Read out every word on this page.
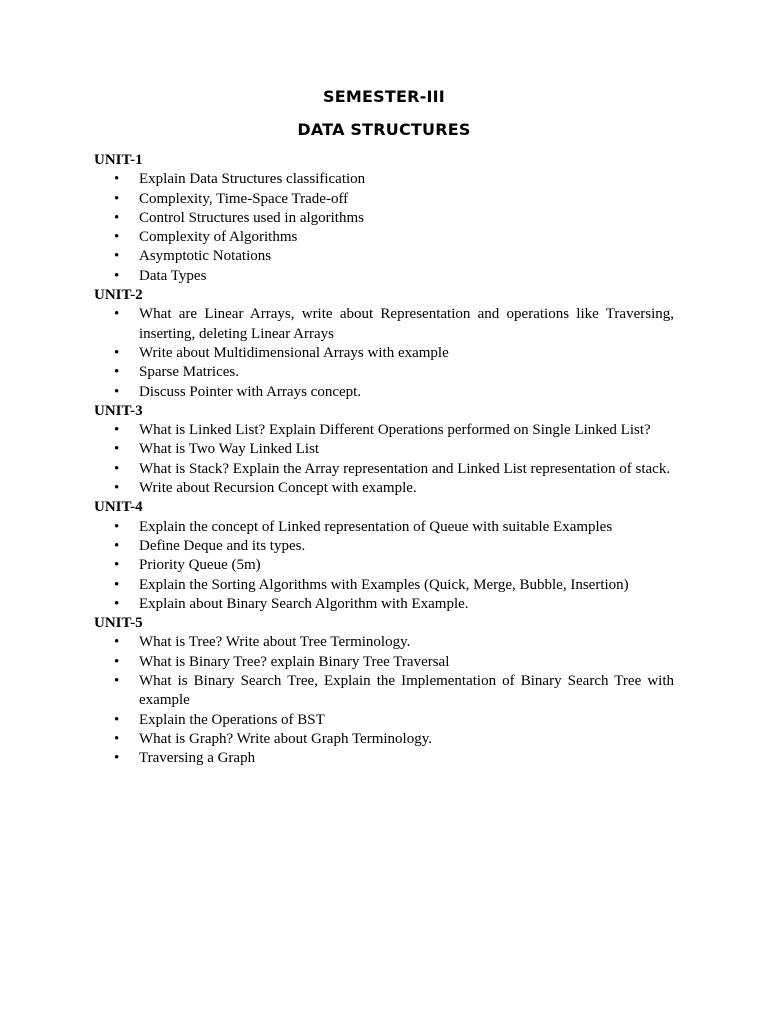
SEMESTER-III
DATA STRUCTURES
UNIT-1
• Explain Data Structures classification
• Complexity, Time-Space Trade-off
• Control Structures used in algorithms
• Complexity of Algorithms
• Asymptotic Notations
• Data Types
UNIT-2
• What are Linear Arrays, write about Representation and operations like Traversing, inserting, deleting Linear Arrays
• Write about Multidimensional Arrays with example
• Sparse Matrices.
• Discuss Pointer with Arrays concept.
UNIT-3
• What is Linked List? Explain Different Operations performed on Single Linked List?
• What is Two Way Linked List
• What is Stack? Explain the Array representation and Linked List representation of stack.
• Write about Recursion Concept with example.
UNIT-4
• Explain the concept of Linked representation of Queue with suitable Examples
• Define Deque and its types.
• Priority Queue (5m)
• Explain the Sorting Algorithms with Examples (Quick, Merge, Bubble, Insertion)
• Explain about Binary Search Algorithm with Example.
UNIT-5
• What is Tree? Write about Tree Terminology.
• What is Binary Tree? explain Binary Tree Traversal
• What is Binary Search Tree, Explain the Implementation of Binary Search Tree with example
• Explain the Operations of BST
• What is Graph? Write about Graph Terminology.
• Traversing a Graph
